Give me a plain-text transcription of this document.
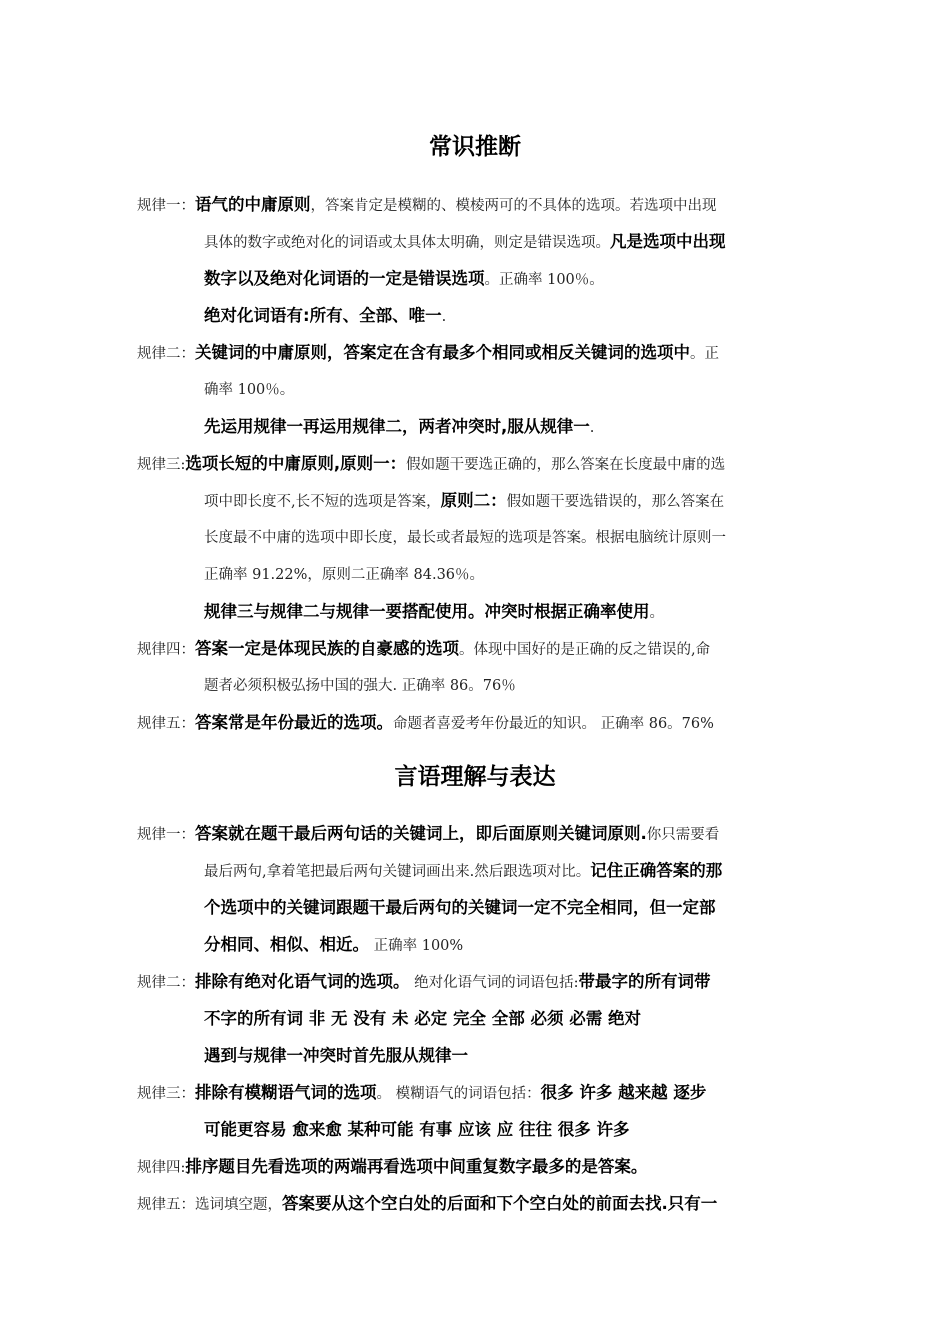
常识推断
规律一：语气的中庸原则，答案肯定是模糊的、模棱两可的不具体的选项。若选项中出现
具体的数字或绝对化的词语或太具体太明确，则定是错误选项。凡是选项中出现
数字以及绝对化词语的一定是错误选项。正确率 100％。
绝对化词语有:所有、全部、唯一.
规律二：关键词的中庸原则，答案定在含有最多个相同或相反关键词的选项中。正
确率 100％。
先运用规律一再运用规律二，两者冲突时,服从规律一.
规律三:选项长短的中庸原则,原则一：假如题干要选正确的，那么答案在长度最中庸的选
项中即长度不,长不短的选项是答案，原则二：假如题干要选错误的，那么答案在
长度最不中庸的选项中即长度，最长或者最短的选项是答案。根据电脑统计原则一
正确率 91.22%，原则二正确率 84.36％。
规律三与规律二与规律一要搭配使用。冲突时根据正确率使用。
规律四：答案一定是体现民族的自豪感的选项。体现中国好的是正确的反之错误的,命
题者必须积极弘扬中国的强大. 正确率 86。76％
规律五：答案常是年份最近的选项。命题者喜爱考年份最近的知识。 正确率 86。76%
言语理解与表达
规律一：答案就在题干最后两句话的关键词上，即后面原则关键词原则.你只需要看
最后两句,拿着笔把最后两句关键词画出来.然后跟选项对比。记住正确答案的那
个选项中的关键词跟题干最后两句的关键词一定不完全相同，但一定部
分相同、相似、相近。 正确率 100%
规律二：排除有绝对化语气词的选项。 绝对化语气词的词语包括:带最字的所有词带
不字的所有词 非 无 没有 未 必定 完全 全部 必须 必需 绝对
遇到与规律一冲突时首先服从规律一
规律三：排除有模糊语气词的选项。 模糊语气的词语包括：很多 许多 越来越 逐步
可能更容易 愈来愈 某种可能 有事 应该 应 往往 很多 许多
规律四:排序题目先看选项的两端再看选项中间重复数字最多的是答案。
规律五：选词填空题，答案要从这个空白处的后面和下个空白处的前面去找.只有一
